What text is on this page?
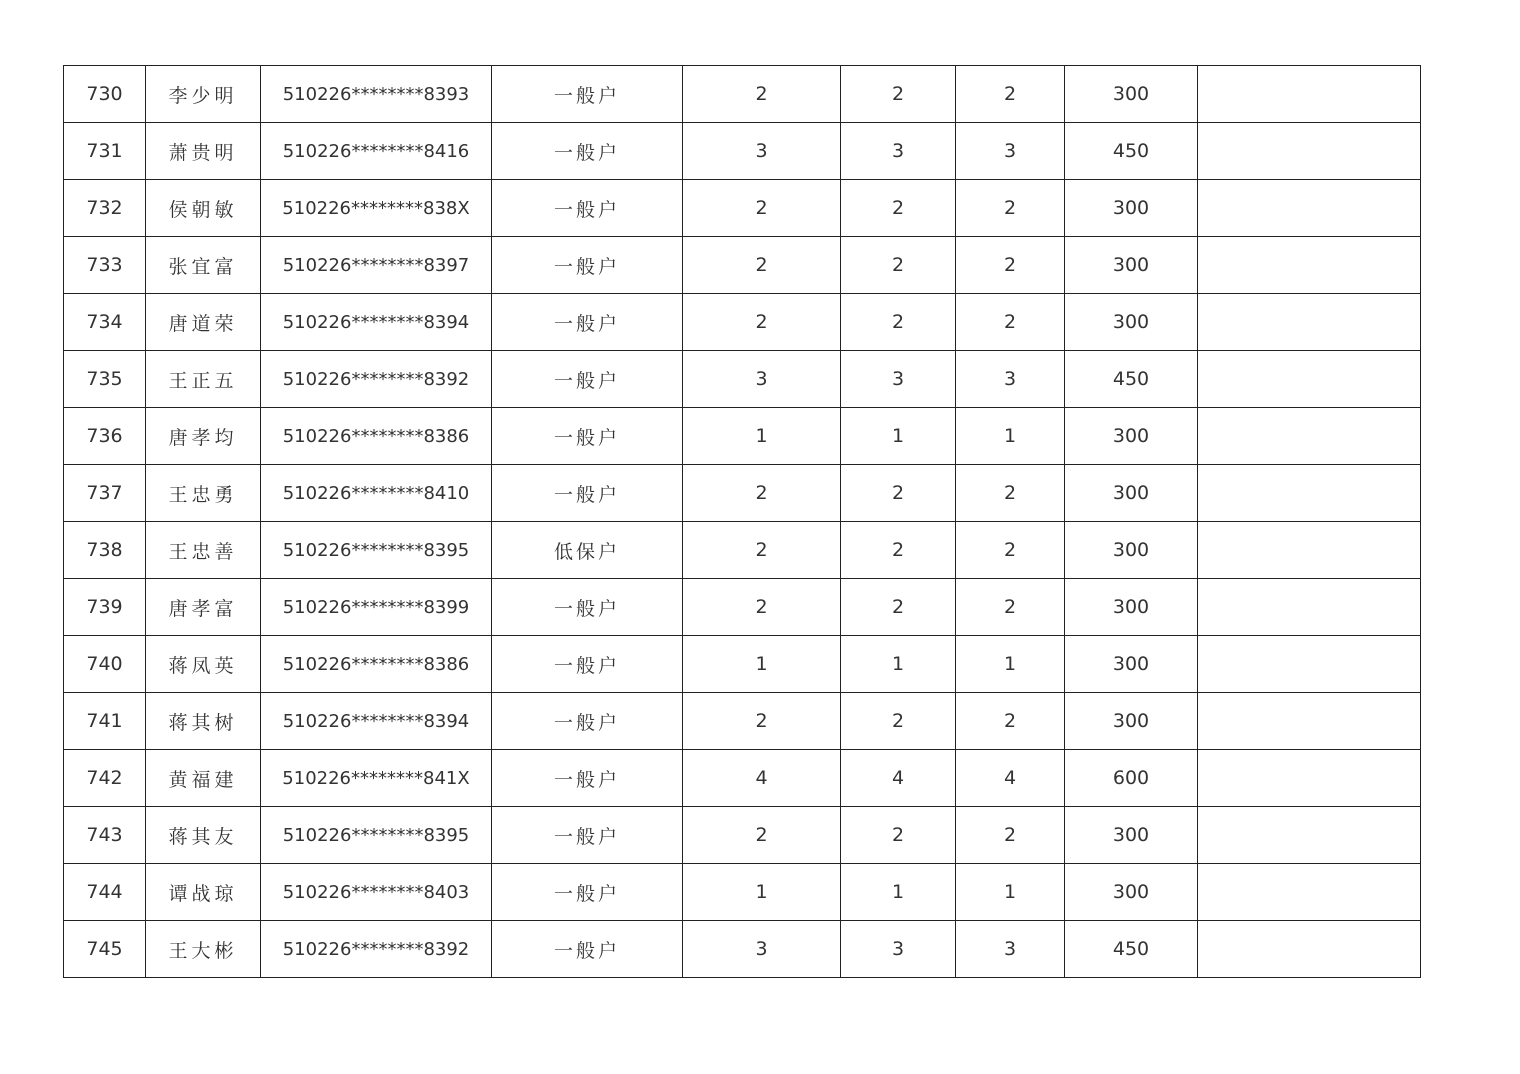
730	李少明	510226********8393	一般户	2	2	2	300	
731	萧贵明	510226********8416	一般户	3	3	3	450	
732	侯朝敏	510226********838X	一般户	2	2	2	300	
733	张宜富	510226********8397	一般户	2	2	2	300	
734	唐道荣	510226********8394	一般户	2	2	2	300	
735	王正五	510226********8392	一般户	3	3	3	450	
736	唐孝均	510226********8386	一般户	1	1	1	300	
737	王忠勇	510226********8410	一般户	2	2	2	300	
738	王忠善	510226********8395	低保户	2	2	2	300	
739	唐孝富	510226********8399	一般户	2	2	2	300	
740	蒋凤英	510226********8386	一般户	1	1	1	300	
741	蒋其树	510226********8394	一般户	2	2	2	300	
742	黄福建	510226********841X	一般户	4	4	4	600	
743	蒋其友	510226********8395	一般户	2	2	2	300	
744	谭战琼	510226********8403	一般户	1	1	1	300	
745	王大彬	510226********8392	一般户	3	3	3	450	
